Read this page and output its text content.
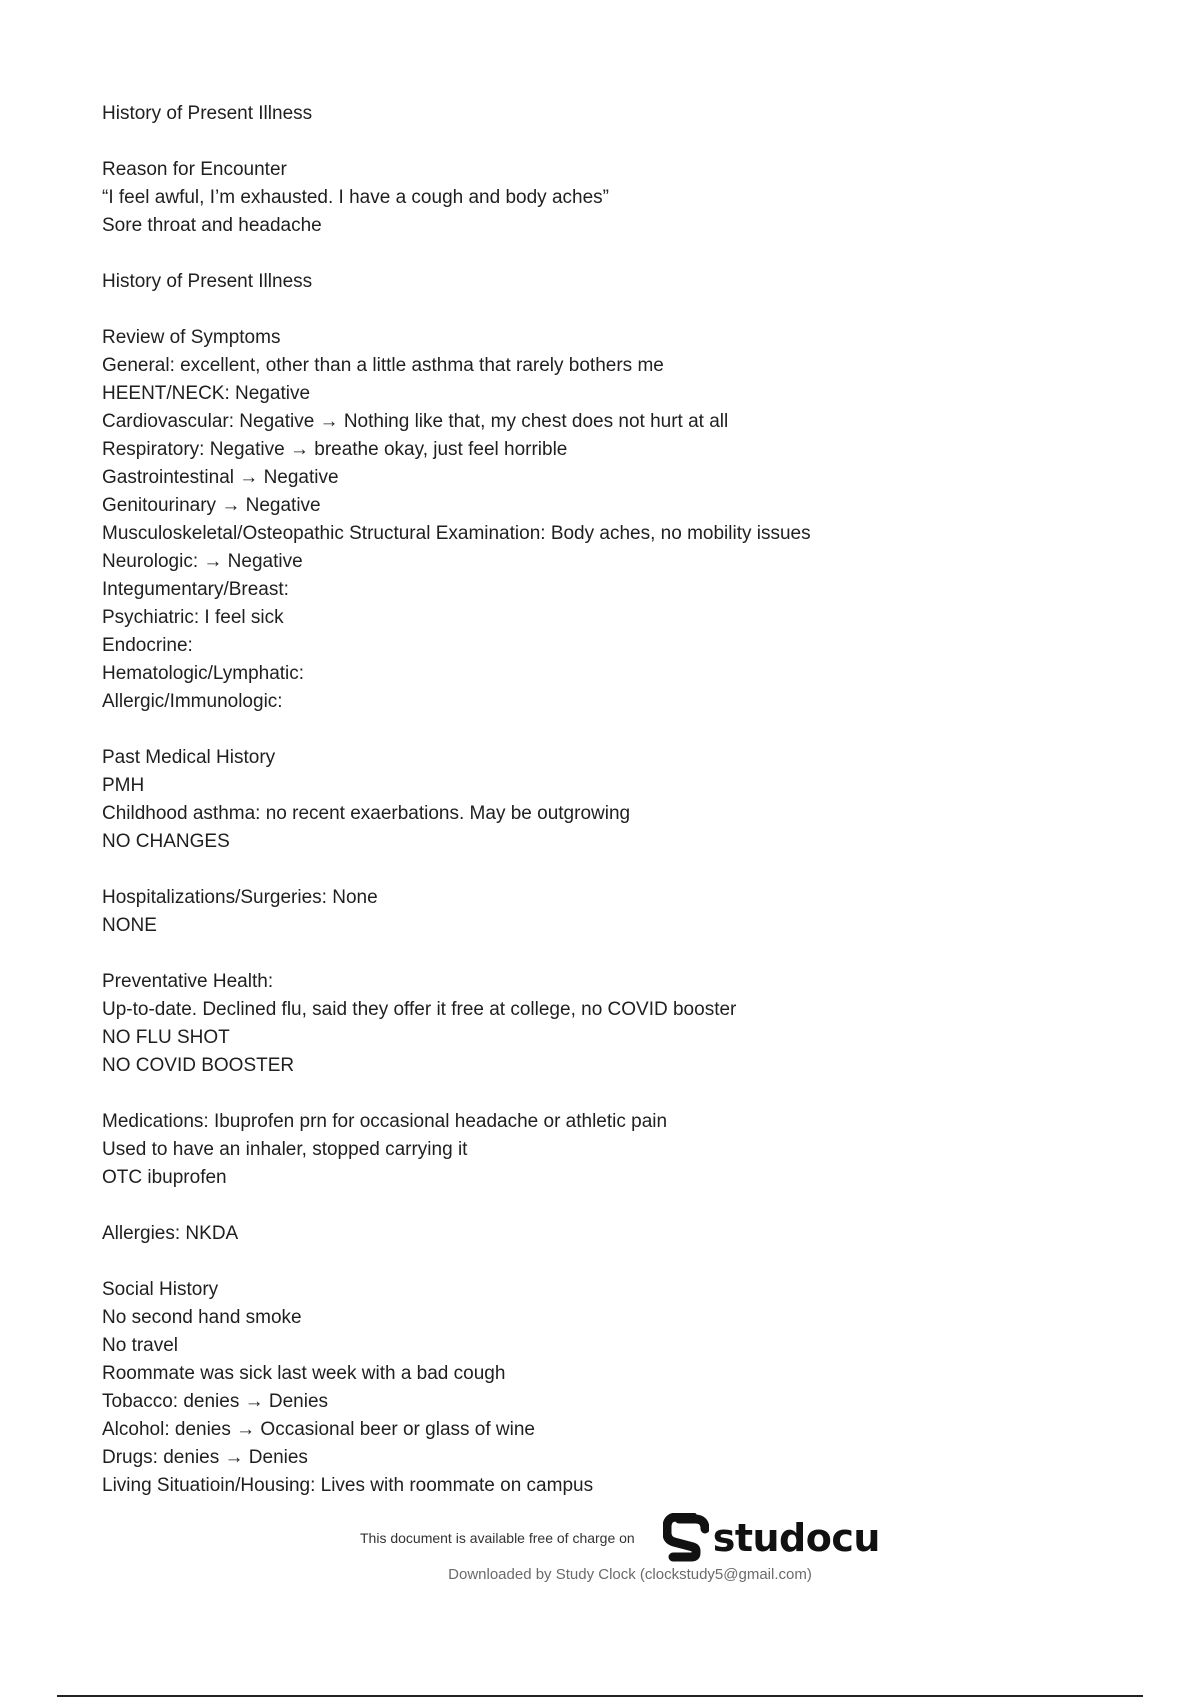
History of Present Illness
Reason for Encounter
“I feel awful, I’m exhausted. I have a cough and body aches”
Sore throat and headache
History of Present Illness
Review of Symptoms
General: excellent, other than a little asthma that rarely bothers me
HEENT/NECK: Negative
Cardiovascular: Negative → Nothing like that, my chest does not hurt at all
Respiratory: Negative → breathe okay, just feel horrible
Gastrointestinal → Negative
Genitourinary → Negative
Musculoskeletal/Osteopathic Structural Examination: Body aches, no mobility issues
Neurologic: → Negative
Integumentary/Breast:
Psychiatric: I feel sick
Endocrine:
Hematologic/Lymphatic:
Allergic/Immunologic:
Past Medical History
PMH
Childhood asthma: no recent exaerbations. May be outgrowing
NO CHANGES
Hospitalizations/Surgeries: None
NONE
Preventative Health:
Up-to-date. Declined flu, said they offer it free at college, no COVID booster
NO FLU SHOT
NO COVID BOOSTER
Medications: Ibuprofen prn for occasional headache or athletic pain
Used to have an inhaler, stopped carrying it
OTC ibuprofen
Allergies: NKDA
Social History
No second hand smoke
No travel
Roommate was sick last week with a bad cough
Tobacco: denies → Denies
Alcohol: denies → Occasional beer or glass of wine
Drugs: denies → Denies
Living Situatioin/Housing: Lives with roommate on campus
This document is available free of charge on studocu
Downloaded by Study Clock (clockstudy5@gmail.com)
